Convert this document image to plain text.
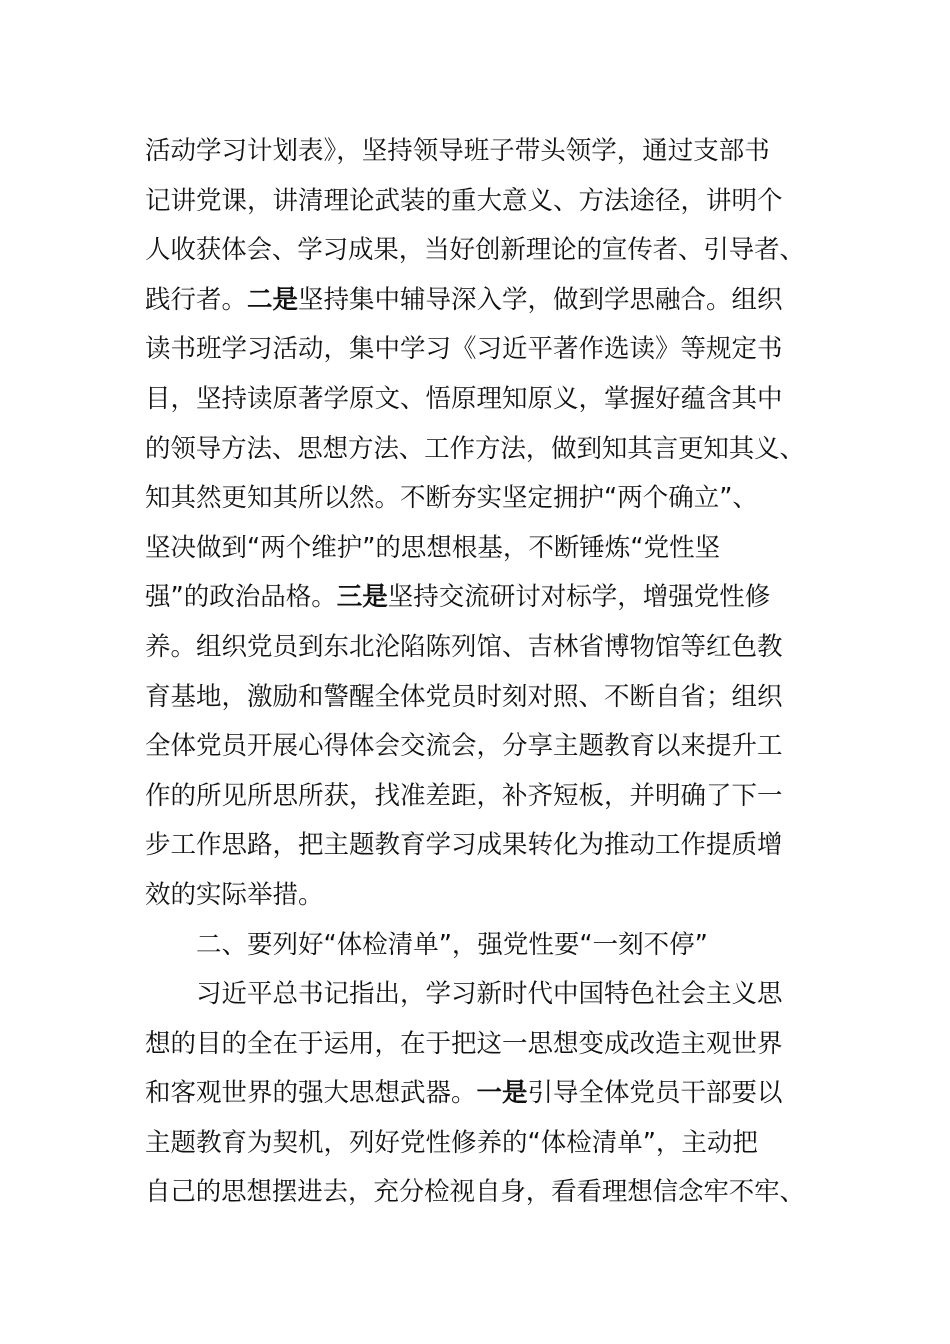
活动学习计划表》，坚持领导班子带头领学，通过支部书
记讲党课，讲清理论武装的重大意义、方法途径，讲明个
人收获体会、学习成果，当好创新理论的宣传者、引导者、
践行者。二是坚持集中辅导深入学，做到学思融合。组织
读书班学习活动，集中学习《习近平著作选读》等规定书
目，坚持读原著学原文、悟原理知原义，掌握好蕴含其中
的领导方法、思想方法、工作方法，做到知其言更知其义、
知其然更知其所以然。不断夯实坚定拥护“两个确立”、
坚决做到“两个维护”的思想根基，不断锤炼“党性坚
强”的政治品格。三是坚持交流研讨对标学，增强党性修
养。组织党员到东北沦陷陈列馆、吉林省博物馆等红色教
育基地，激励和警醒全体党员时刻对照、不断自省；组织
全体党员开展心得体会交流会，分享主题教育以来提升工
作的所见所思所获，找准差距，补齐短板，并明确了下一
步工作思路，把主题教育学习成果转化为推动工作提质增
效的实际举措。
二、要列好“体检清单”，强党性要“一刻不停”
习近平总书记指出，学习新时代中国特色社会主义思
想的目的全在于运用，在于把这一思想变成改造主观世界
和客观世界的强大思想武器。一是引导全体党员干部要以
主题教育为契机，列好党性修养的“体检清单”，主动把
自己的思想摆进去，充分检视自身，看看理想信念牢不牢、
